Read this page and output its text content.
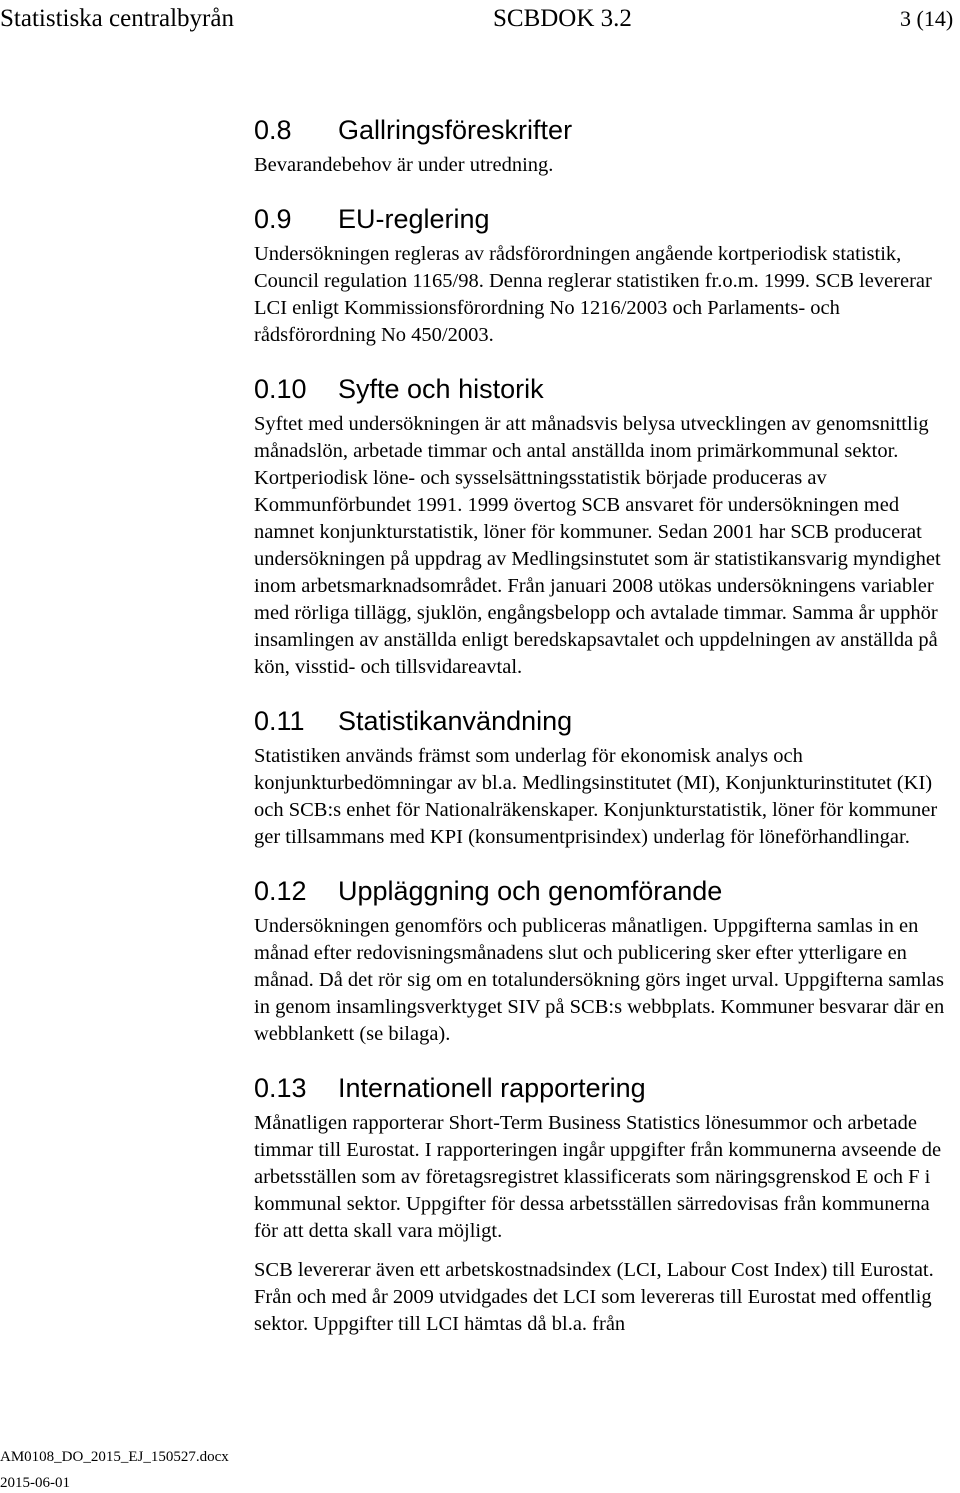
Statistiska centralbyrån	SCBDOK 3.2	3 (14)
0.8 Gallringsföreskrifter

Bevarandebehov är under utredning.

0.9 EU-reglering

Undersökningen regleras av rådsförordningen angående kortperiodisk statistik, Council regulation 1165/98. Denna reglerar statistiken fr.o.m. 1999. SCB levererar LCI enligt Kommissionsförordning No 1216/2003 och Parlaments- och rådsförordning No 450/2003.

0.10 Syfte och historik

Syftet med undersökningen är att månadsvis belysa utvecklingen av genomsnittlig månadslön, arbetade timmar och antal anställda inom primärkommunal sektor. Kortperiodisk löne- och sysselsättningsstatistik började produceras av Kommunförbundet 1991. 1999 övertog SCB ansvaret för undersökningen med namnet konjunkturstatistik, löner för kommuner. Sedan 2001 har SCB producerat undersökningen på uppdrag av Medlingsinstutet som är statistikansvarig myndighet inom arbetsmarknadsområdet. Från januari 2008 utökas undersökningens variabler med rörliga tillägg, sjuklön, engångsbelopp och avtalade timmar. Samma år upphör insamlingen av anställda enligt beredskapsavtalet och uppdelningen av anställda på kön, visstid- och tillsvidareavtal.

0.11 Statistikanvändning

Statistiken används främst som underlag för ekonomisk analys och konjunkturbedömningar av bl.a. Medlingsinstitutet (MI), Konjunkturinstitutet (KI) och SCB:s enhet för Nationalräkenskaper. Konjunkturstatistik, löner för kommuner ger tillsammans med KPI (konsumentprisindex) underlag för löneförhandlingar.

0.12 Uppläggning och genomförande

Undersökningen genomförs och publiceras månatligen. Uppgifterna samlas in en månad efter redovisningsmånadens slut och publicering sker efter ytterligare en månad. Då det rör sig om en totalundersökning görs inget urval. Uppgifterna samlas in genom insamlingsverktyget SIV på SCB:s webbplats. Kommuner besvarar där en webblankett (se bilaga).

0.13 Internationell rapportering

Månatligen rapporterar Short-Term Business Statistics lönesummor och arbetade timmar till Eurostat. I rapporteringen ingår uppgifter från kommunerna avseende de arbetsställen som av företagsregistret klassificerats som näringsgrenskod E och F i kommunal sektor. Uppgifter för dessa arbetsställen särredovisas från kommunerna för att detta skall vara möjligt.

SCB levererar även ett arbetskostnadsindex (LCI, Labour Cost Index) till Eurostat. Från och med år 2009 utvidgades det LCI som levereras till Eurostat med offentlig sektor. Uppgifter till LCI hämtas då bl.a. från

AM0108_DO_2015_EJ_150527.docx
2015-06-01
